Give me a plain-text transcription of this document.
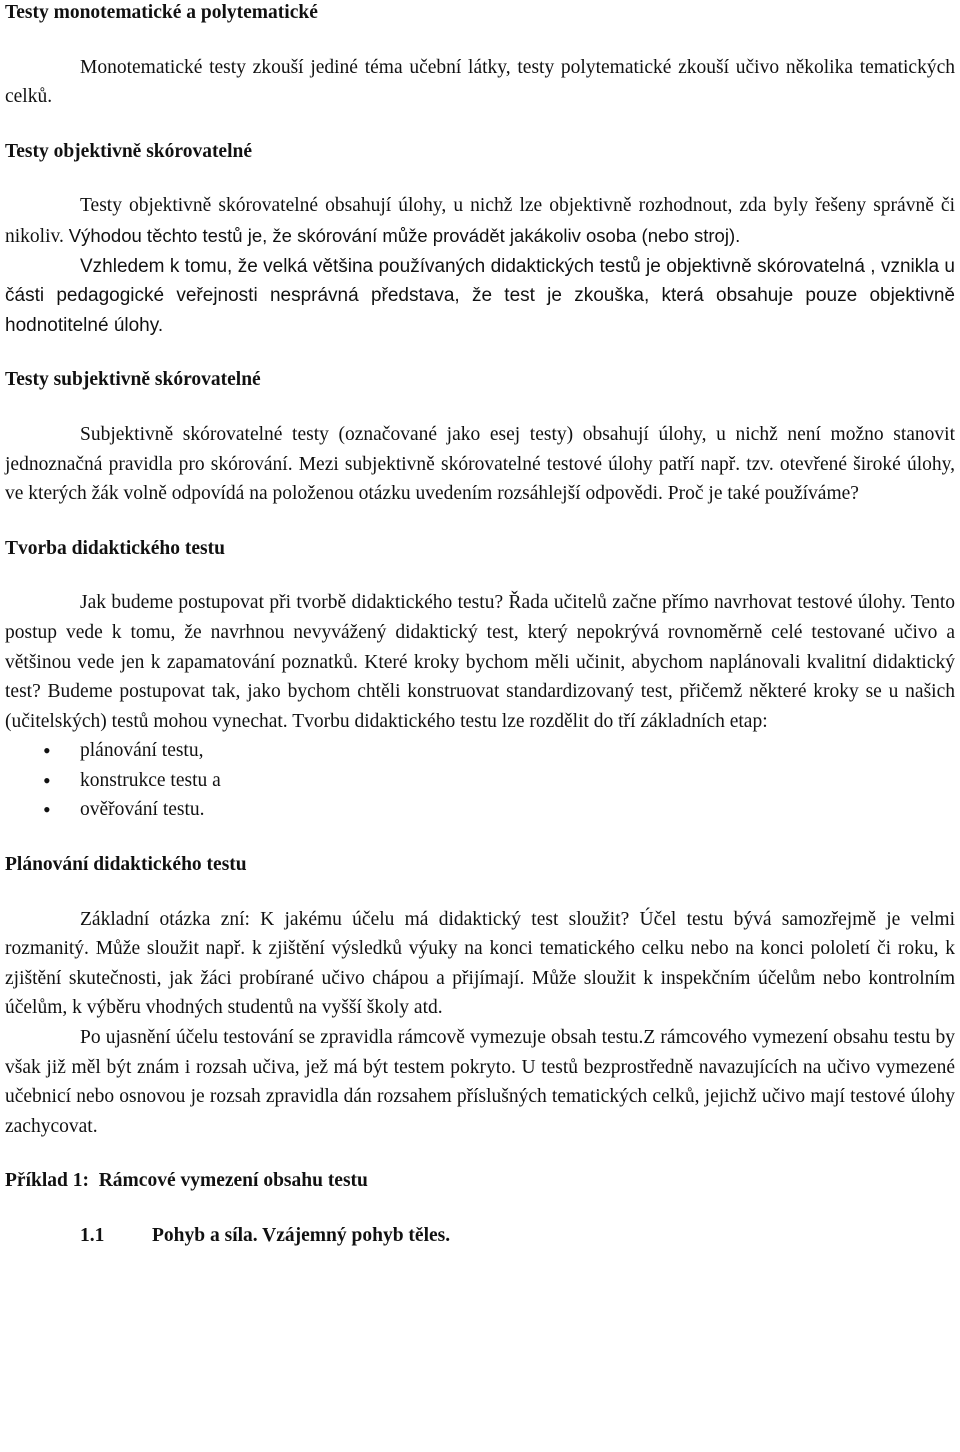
Testy monotematické a polytematické

Monotematické testy zkouší jediné téma učební látky, testy polytematické zkouší učivo několika tematických celků.

Testy objektivně skórovatelné

Testy objektivně skórovatelné obsahují úlohy, u nichž lze objektivně rozhodnout, zda byly řešeny správně či nikoliv. Výhodou těchto testů je, že skórování může provádět jakákoliv osoba (nebo stroj).

Vzhledem k tomu, že velká většina používaných didaktických testů je objektivně skórovatelná , vznikla u části pedagogické veřejnosti nesprávná představa, že test je zkouška, která obsahuje pouze objektivně hodnotitelné úlohy.

Testy subjektivně skórovatelné

Subjektivně skórovatelné testy (označované jako esej testy) obsahují úlohy, u nichž není možno stanovit jednoznačná pravidla pro skórování. Mezi subjektivně skórovatelné testové úlohy patří např. tzv. otevřené široké úlohy, ve kterých žák volně odpovídá na položenou otázku uvedením rozsáhlejší odpovědi. Proč je také používáme?

Tvorba didaktického testu

Jak budeme postupovat při tvorbě didaktického testu? Řada učitelů začne přímo navrhovat testové úlohy. Tento postup vede k tomu, že navrhnou nevyvážený didaktický test, který nepokrývá rovnoměrně celé testované učivo a většinou vede jen k zapamatování poznatků. Které kroky bychom měli učinit, abychom naplánovali kvalitní didaktický test? Budeme postupovat tak, jako bychom chtěli konstruovat standardizovaný test, přičemž některé kroky se u našich (učitelských) testů mohou vynechat. Tvorbu didaktického testu lze rozdělit do tří základních etap:

• plánování testu,
• konstrukce testu a
• ověřování testu.
Plánování didaktického testu

Základní otázka zní: K jakému účelu má didaktický test sloužit? Účel testu bývá samozřejmě je velmi rozmanitý. Může sloužit např. k zjištění výsledků výuky na konci tematického celku nebo na konci pololetí či roku, k zjištění skutečnosti, jak žáci probírané učivo chápou a přijímají. Může sloužit k inspekčním účelům nebo kontrolním účelům, k výběru vhodných studentů na vyšší školy atd.

Po ujasnění účelu testování se zpravidla rámcově vymezuje obsah testu.Z rámcového vymezení obsahu testu by však již měl být znám i rozsah učiva, jež má být testem pokryto. U testů bezprostředně navazujících na učivo vymezené učebnicí nebo osnovou je rozsah zpravidla dán rozsahem příslušných tematických celků, jejichž učivo mají testové úlohy zachycovat.

Příklad 1:  Rámcové vymezení obsahu testu
1.1 Pohyb a síla. Vzájemný pohyb těles.
